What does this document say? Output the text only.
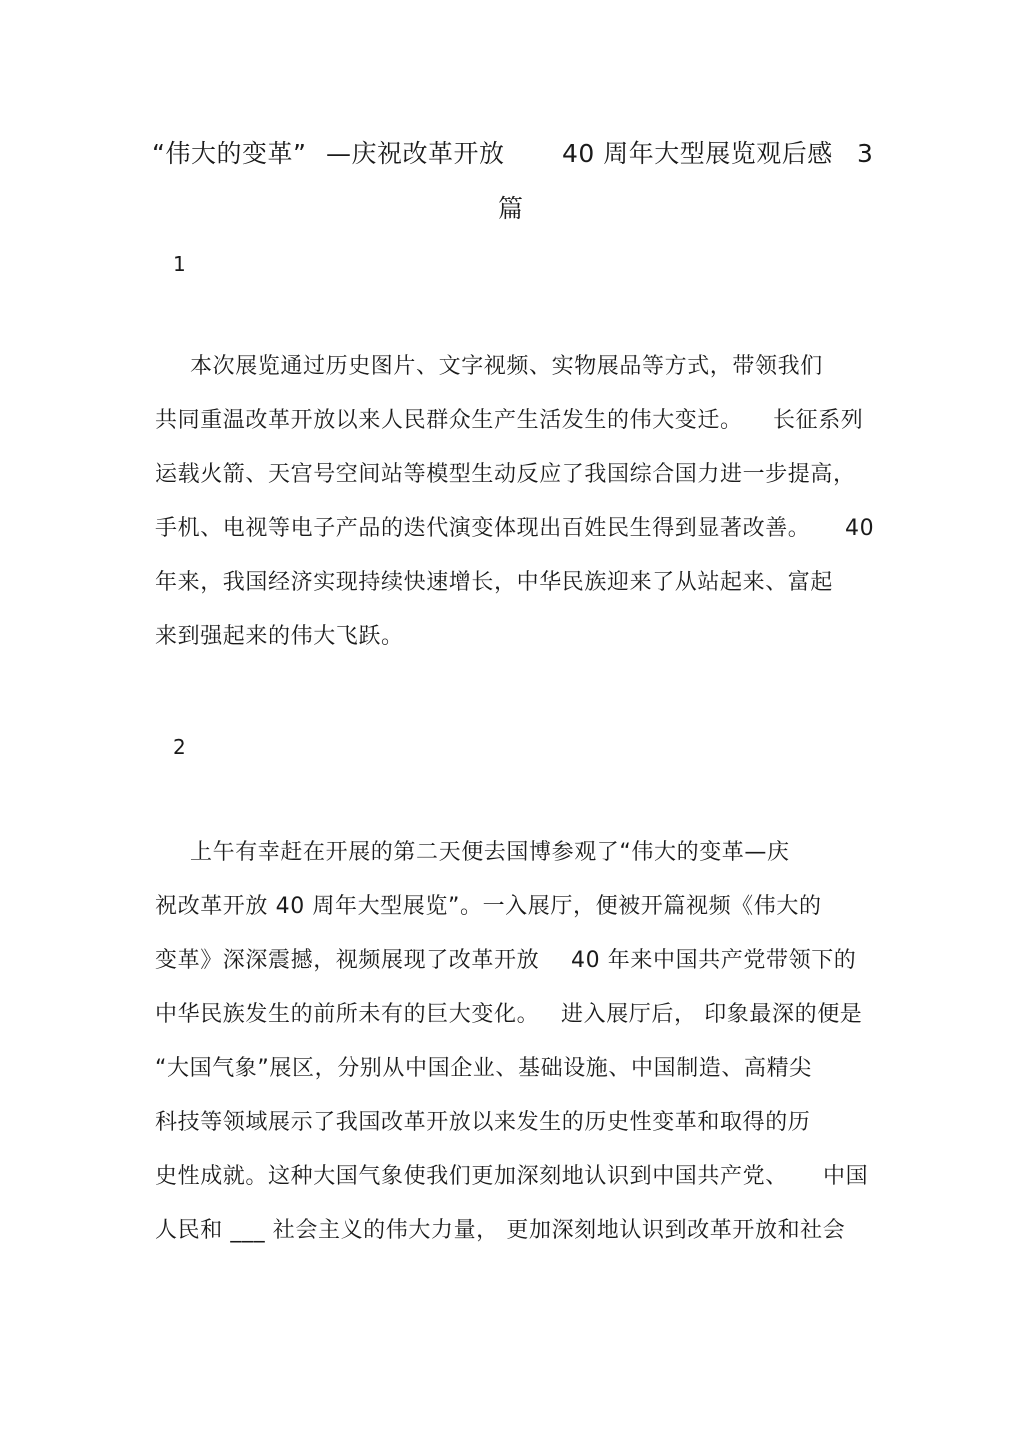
“伟大的变革” —庆祝改革开放 40 周年大型展览观后感 3
篇
1
本次展览通过历史图片、文字视频、实物展品等方式，带领我们
共同重温改革开放以来人民群众生产生活发生的伟大变迁。 长征系列
运载火箭、天宫号空间站等模型生动反应了我国综合国力进一步提高，
手机、电视等电子产品的迭代演变体现出百姓民生得到显著改善。 40
年来，我国经济实现持续快速增长，中华民族迎来了从站起来、富起
来到强起来的伟大飞跃。
2
上午有幸赶在开展的第二天便去国博参观了“伟大的变革—庆
祝改革开放 40 周年大型展览”。一入展厅，便被开篇视频《伟大的
变革》深深震撼，视频展现了改革开放 40 年来中国共产党带领下的
中华民族发生的前所未有的巨大变化。 进入展厅后， 印象最深的便是
“大国气象”展区，分别从中国企业、基础设施、中国制造、高精尖
科技等领域展示了我国改革开放以来发生的历史性变革和取得的历
史性成就。这种大国气象使我们更加深刻地认识到中国共产党、 中国
人民和 ___ 社会主义的伟大力量， 更加深刻地认识到改革开放和社会
